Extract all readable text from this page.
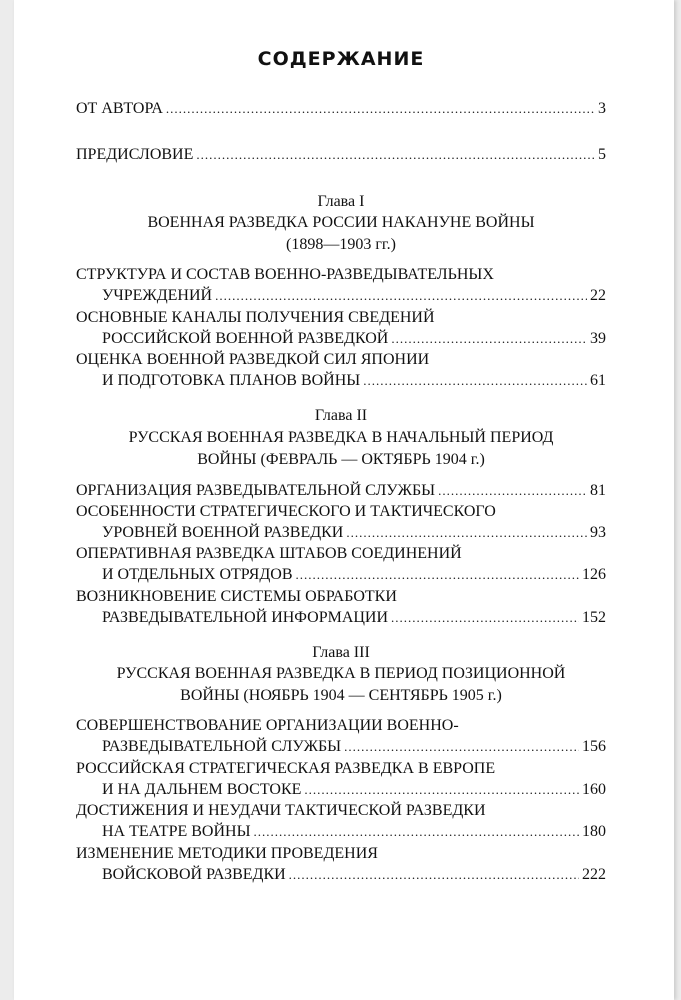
СОДЕРЖАНИЕ
ОТ АВТОРА .....	3
ПРЕДИСЛОВИЕ .....	5
Глава I
ВОЕННАЯ РАЗВЕДКА РОССИИ НАКАНУНЕ ВОЙНЫ
(1898—1903 гг.)
СТРУКТУРА И СОСТАВ ВОЕННО-РАЗВЕДЫВАТЕЛЬНЫХ
УЧРЕЖДЕНИЙ .....	22
ОСНОВНЫЕ КАНАЛЫ ПОЛУЧЕНИЯ СВЕДЕНИЙ
РОССИЙСКОЙ ВОЕННОЙ РАЗВЕДКОЙ .....	39
ОЦЕНКА ВОЕННОЙ РАЗВЕДКОЙ СИЛ ЯПОНИИ
И ПОДГОТОВКА ПЛАНОВ ВОЙНЫ .....	61
Глава II
РУССКАЯ ВОЕННАЯ РАЗВЕДКА В НАЧАЛЬНЫЙ ПЕРИОД
ВОЙНЫ (ФЕВРАЛЬ — ОКТЯБРЬ 1904 г.)
ОРГАНИЗАЦИЯ РАЗВЕДЫВАТЕЛЬНОЙ СЛУЖБЫ .....	81
ОСОБЕННОСТИ СТРАТЕГИЧЕСКОГО И ТАКТИЧЕСКОГО
УРОВНЕЙ ВОЕННОЙ РАЗВЕДКИ .....	93
ОПЕРАТИВНАЯ РАЗВЕДКА ШТАБОВ СОЕДИНЕНИЙ
И ОТДЕЛЬНЫХ ОТРЯДОВ .....	126
ВОЗНИКНОВЕНИЕ СИСТЕМЫ ОБРАБОТКИ
РАЗВЕДЫВАТЕЛЬНОЙ ИНФОРМАЦИИ .....	152
Глава III
РУССКАЯ ВОЕННАЯ РАЗВЕДКА В ПЕРИОД ПОЗИЦИОННОЙ
ВОЙНЫ (НОЯБРЬ 1904 — СЕНТЯБРЬ 1905 г.)
СОВЕРШЕНСТВОВАНИЕ ОРГАНИЗАЦИИ ВОЕННО-
РАЗВЕДЫВАТЕЛЬНОЙ СЛУЖБЫ .....	156
РОССИЙСКАЯ СТРАТЕГИЧЕСКАЯ РАЗВЕДКА В ЕВРОПЕ
И НА ДАЛЬНЕМ ВОСТОКЕ .....	160
ДОСТИЖЕНИЯ И НЕУДАЧИ ТАКТИЧЕСКОЙ РАЗВЕДКИ
НА ТЕАТРЕ ВОЙНЫ .....	180
ИЗМЕНЕНИЕ МЕТОДИКИ ПРОВЕДЕНИЯ
ВОЙСКОВОЙ РАЗВЕДКИ .....	222
